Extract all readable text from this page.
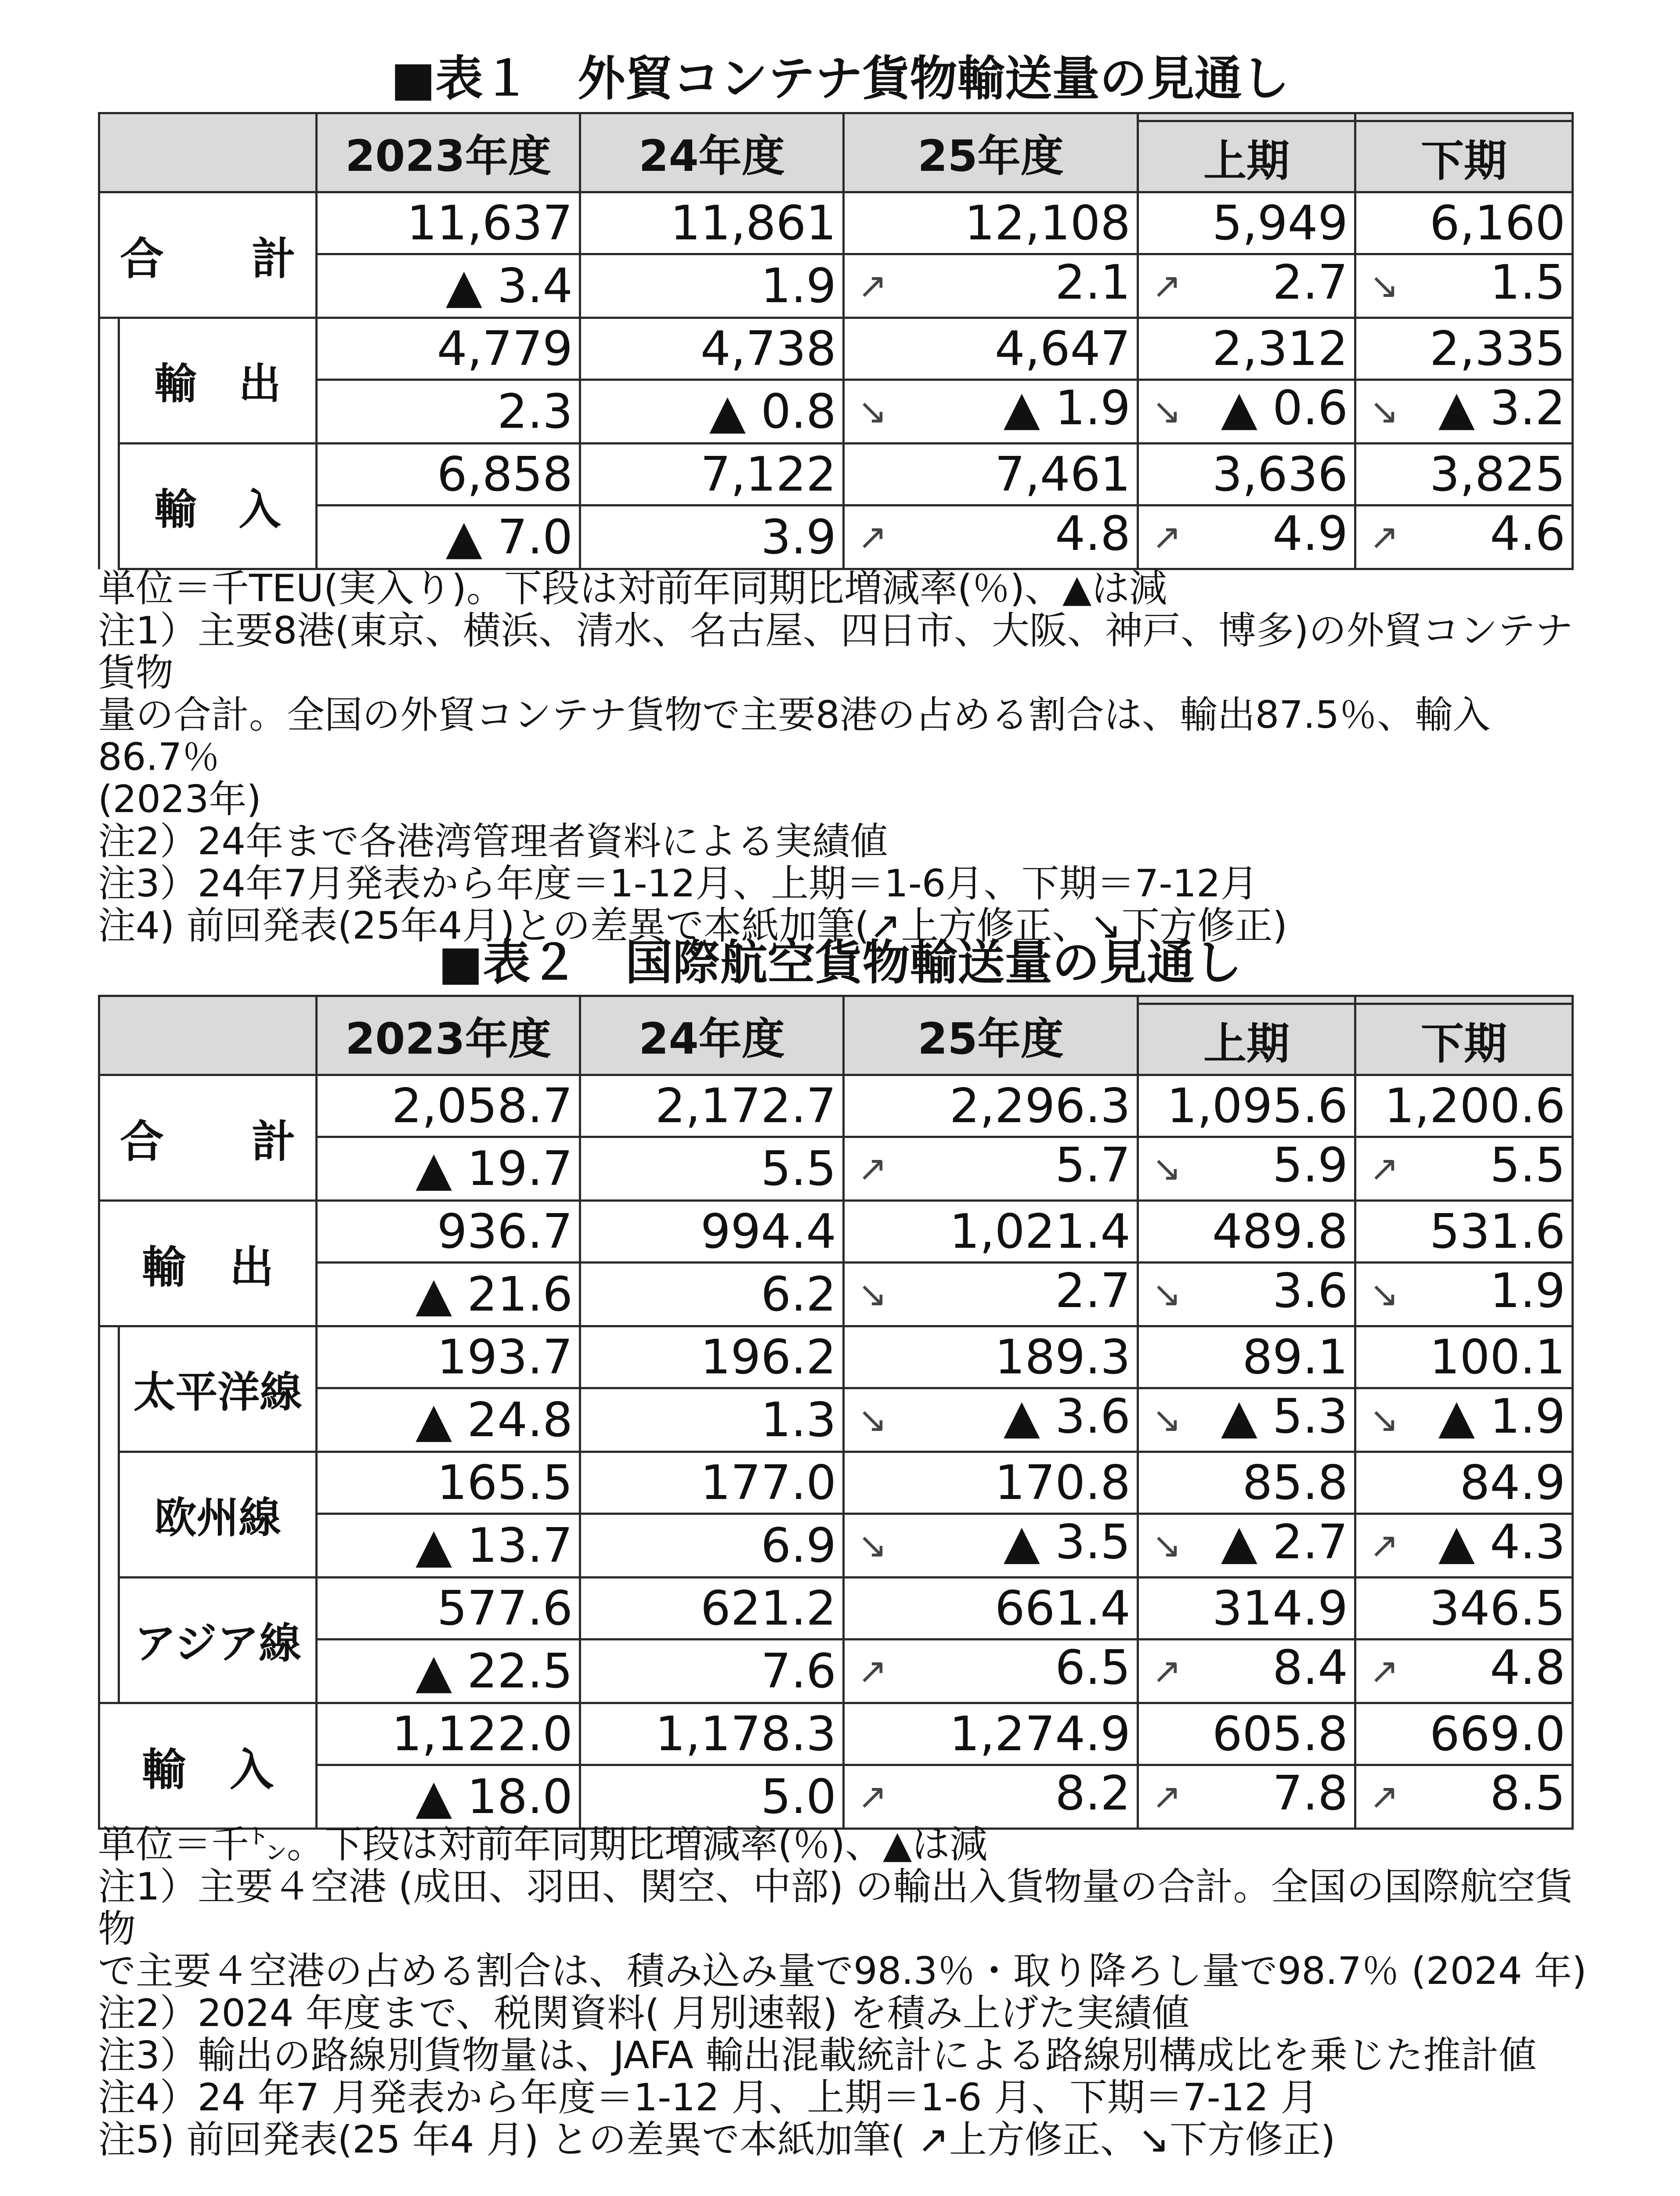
■表１　外貿コンテナ貨物輸送量の見通し
		2023年度	24年度	25年度	上期	下期

合　　計		11,637	11,861	12,108	5,949	6,160
		▲ 3.4	1.9	↗ 2.1	↗ 2.7	↘ 1.5
	輸　出	4,779	4,738	4,647	2,312	2,335
		2.3	▲ 0.8	↘ ▲ 1.9	↘ ▲ 0.6	↘ ▲ 3.2
	輸　入	6,858	7,122	7,461	3,636	3,825
		▲ 7.0	3.9	↗ 4.8	↗ 4.9	↗ 4.6
単位＝千TEU(実入り)。下段は対前年同期比増減率(％)、▲は減
注1）主要8港(東京、横浜、清水、名古屋、四日市、大阪、神戸、博多)の外貿コンテナ貨物
量の合計。全国の外貿コンテナ貨物で主要8港の占める割合は、輸出87.5％、輸入86.7％
(2023年)
注2）24年まで各港湾管理者資料による実績値
注3）24年7月発表から年度＝1-12月、上期＝1-6月、下期＝7-12月
注4) 前回発表(25年4月)との差異で本紙加筆(↗上方修正、↘下方修正)
■表２　国際航空貨物輸送量の見通し
		2023年度	24年度	25年度	上期	下期

合　　計		2,058.7	2,172.7	2,296.3	1,095.6	1,200.6
		▲ 19.7	5.5	↗ 5.7	↘ 5.9	↗ 5.5
輸　出		936.7	994.4	1,021.4	489.8	531.6
		▲ 21.6	6.2	↘ 2.7	↘ 3.6	↘ 1.9
	太平洋線	193.7	196.2	189.3	89.1	100.1
		▲ 24.8	1.3	↘ ▲ 3.6	↘ ▲ 5.3	↘ ▲ 1.9
	欧州線	165.5	177.0	170.8	85.8	84.9
		▲ 13.7	6.9	↘ ▲ 3.5	↘ ▲ 2.7	↗ ▲ 4.3
	アジア線	577.6	621.2	661.4	314.9	346.5
		▲ 22.5	7.6	↗ 6.5	↗ 8.4	↗ 4.8
輸　入		1,122.0	1,178.3	1,274.9	605.8	669.0
		▲ 18.0	5.0	↗ 8.2	↗ 7.8	↗ 8.5
単位＝千㌧。下段は対前年同期比増減率(％)、▲は減
注1）主要４空港 (成田、羽田、関空、中部) の輸出入貨物量の合計。全国の国際航空貨物
で主要４空港の占める割合は、積み込み量で98.3％・取り降ろし量で98.7％ (2024 年)
注2）2024 年度まで、税関資料( 月別速報) を積み上げた実績値
注3）輸出の路線別貨物量は、JAFA 輸出混載統計による路線別構成比を乗じた推計値
注4）24 年7 月発表から年度＝1-12 月、上期＝1-6 月、下期＝7-12 月
注5) 前回発表(25 年4 月) との差異で本紙加筆( ↗上方修正、↘下方修正)
